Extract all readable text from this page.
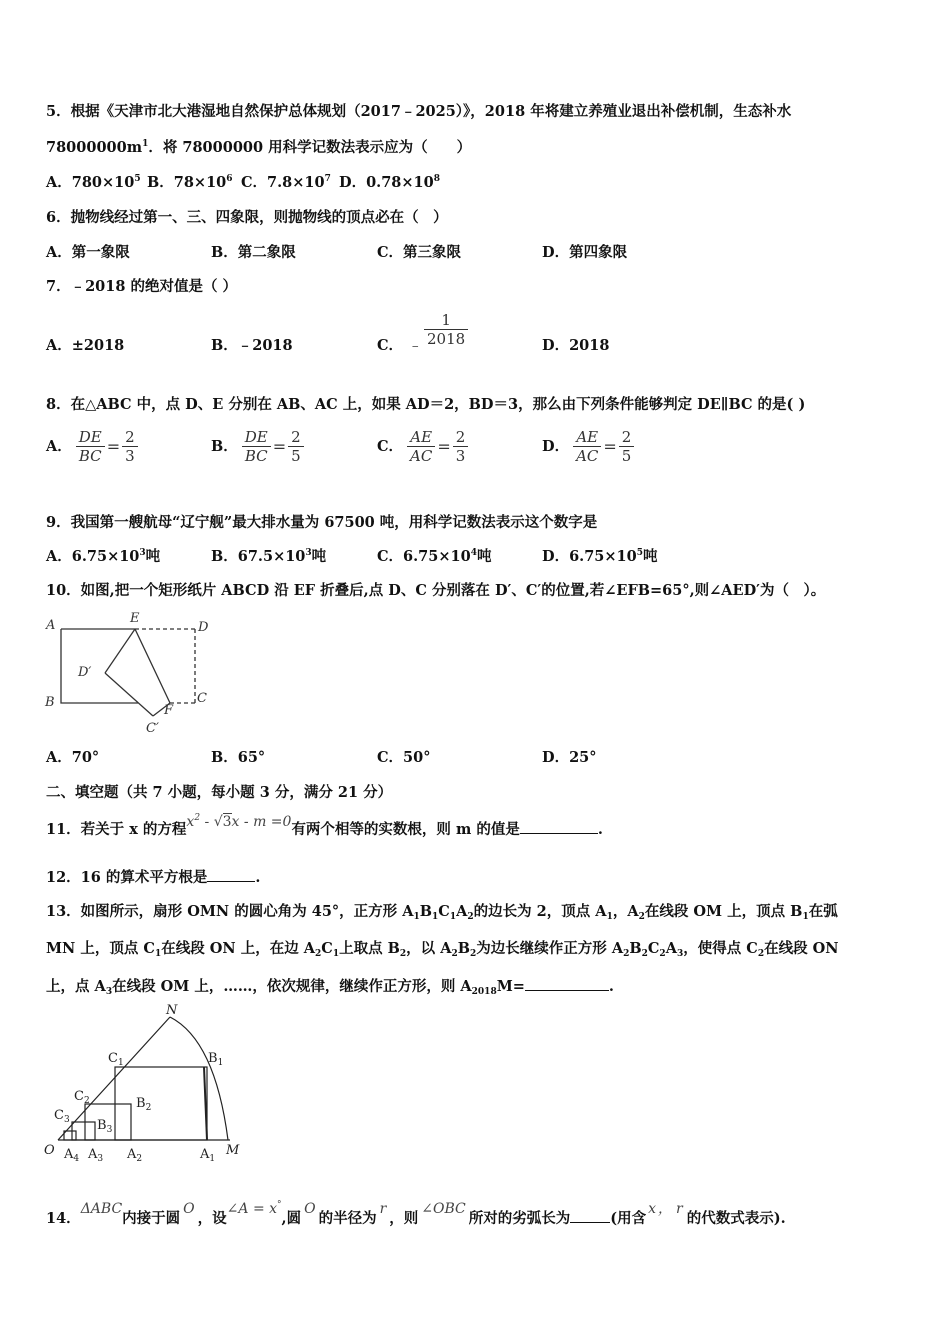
5．根据《天津市北大港湿地自然保护总体规划（2017﹣2025）》，2018 年将建立养殖业退出补偿机制，生态补水
$78000000m^1$．将 78000000 用科学记数法表示应为（　　）
A．$780\times 10^5$ B．$78\times 10^6$ C．$7.8\times 10^7$ D．$0.78\times 10^8$
6．抛物线经过第一、三、四象限，则抛物线的顶点必在（　）
A．第一象限	B．第二象限	C．第三象限	D．第四象限
7．﹣2018 的绝对值是（ ）
A．±2018	B．﹣2018	C． ﹣ $\frac{1}{2018}$	D．2018
8．在△ABC 中，点 D、E 分别在 AB、AC 上，如果 AD＝2，BD＝3，那么由下列条件能够判定 DE∥BC 的是( )
A． $\frac{DE}{BC} = \frac{2}{3}$	B． $\frac{DE}{BC} = \frac{2}{5}$	C． $\frac{AE}{AC} = \frac{2}{3}$	D． $\frac{AE}{AC} = \frac{2}{5}$
9．我国第一艘航母“辽宁舰”最大排水量为 67500 吨，用科学记数法表示这个数字是
A．$6.75\times 10^3$吨	B．$67.5\times 10^3$吨	C．$6.75\times 10^4$吨	D．$6.75\times 10^5$吨
10．如图,把一个矩形纸片 ABCD 沿 EF 折叠后,点 D、C 分别落在 D′、C′的位置,若∠EFB=65°,则∠AED′为（　）。
A	E
D
D′
B
F
C
C′
A．70°	B．65°	C．50°	D．25°
二、填空题（共 7 小题，每小题 3 分，满分 21 分）
11．若关于 x 的方程$x^2 - √3x - m =0$有两个相等的实数根，则 m 的值是	.
12．16 的算术平方根是	.
13．如图所示，扇形 OMN 的圆心角为 45°，正方形 $A_1B_1C_1A_2$的边长为 2，顶点 $A_1$，$A_2$在线段 OM 上，顶点 $B_1$在弧
MN 上，顶点 $C_1$在线段 ON 上，在边 $A_2C_1$上取点 $B_2$，以 $A_2B_2$为边长继续作正方形 $A_2B_2C_2A_3$，使得点 $C_2$在线段 ON
上，点 $A_3$在线段 OM 上，……，依次规律，继续作正方形，则 $A_{2018}M=$	.
N
$C_1$	$B_1$
$C_2$	$B_2$
$C_3$ $B_3$
O $A_4$ $A_3$ $A_2$	$A_1$
M
14．ΔABC内接于圆O，设∠A = x°,圆O的半径为r，则∠OBC所对的劣弧长为	(用含x ， r的代数式表示).
